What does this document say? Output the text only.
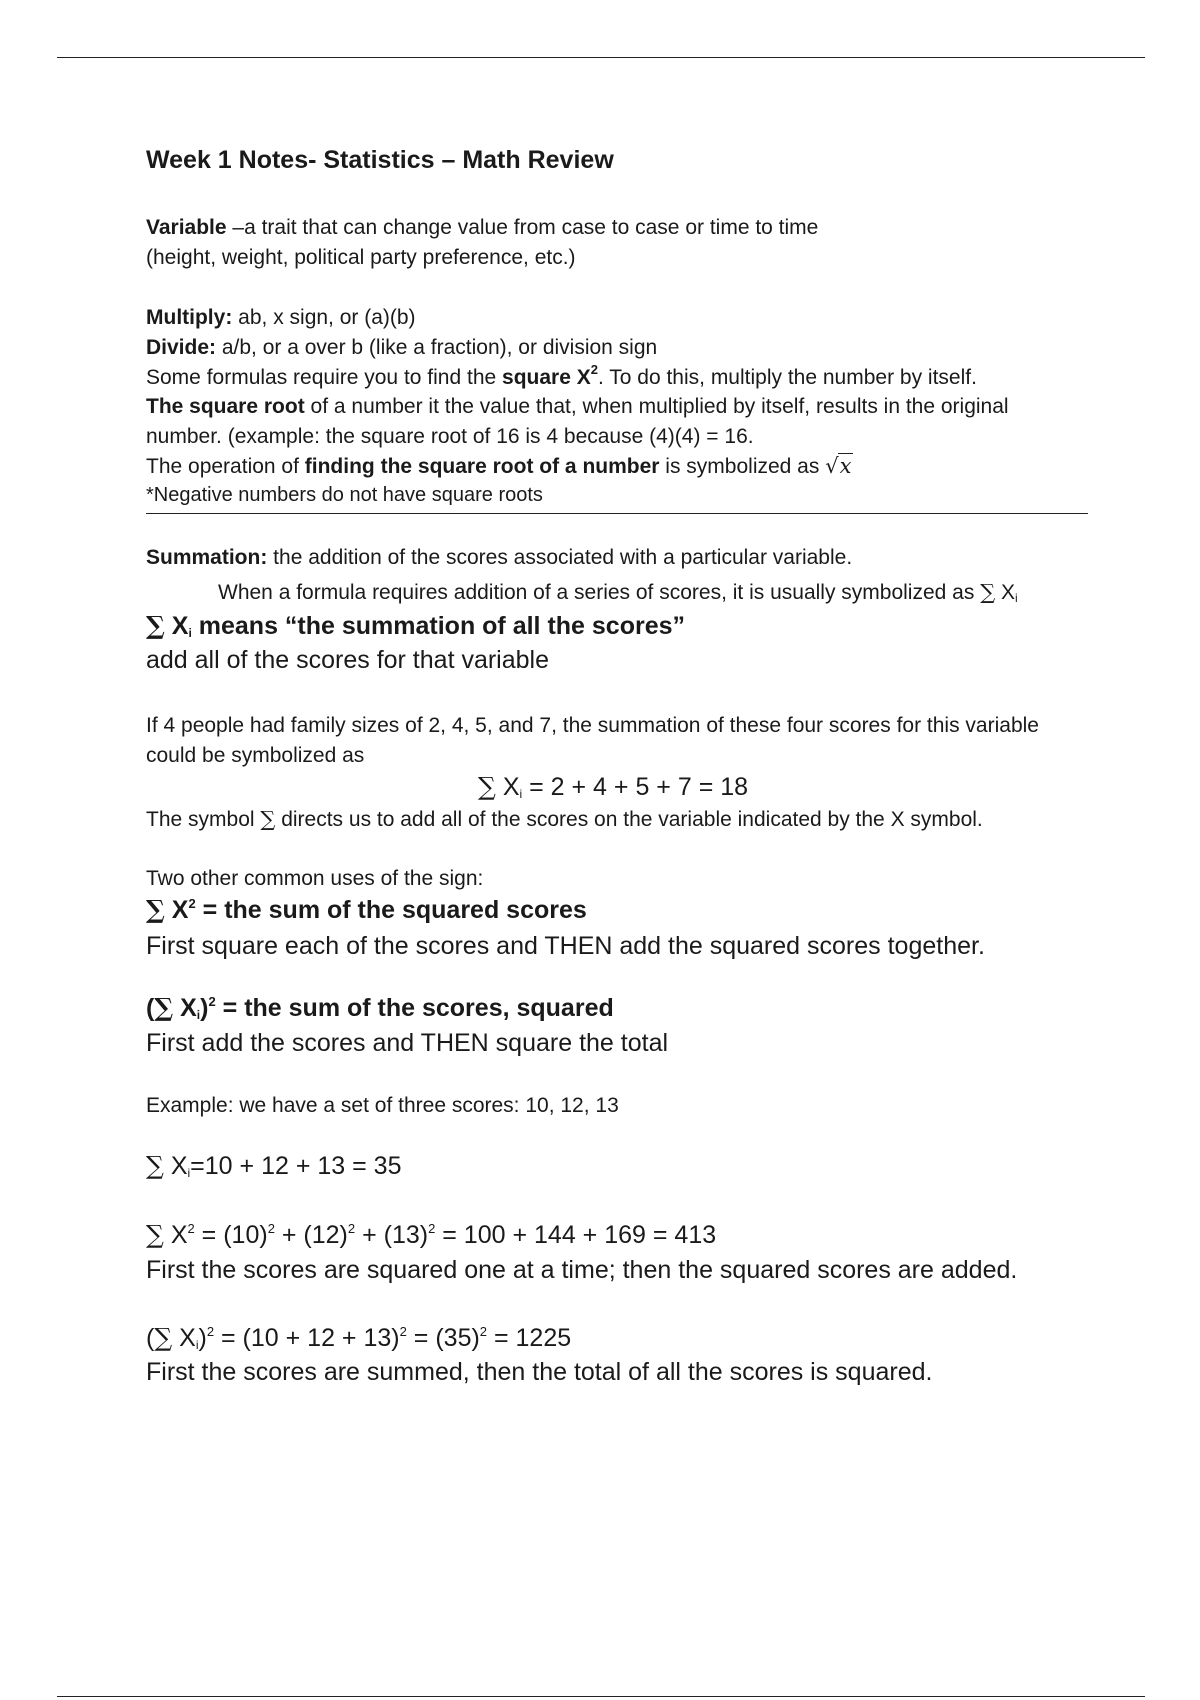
Week 1 Notes- Statistics – Math Review
Variable –a trait that can change value from case to case or time to time
(height, weight, political party preference, etc.)
Multiply: ab, x sign, or (a)(b)
Divide: a/b, or a over b (like a fraction), or division sign
Some formulas require you to find the square $X^2$. To do this, multiply the number by itself.
The square root of a number it the value that, when multiplied by itself, results in the original
number. (example: the square root of 16 is 4 because (4)(4) = 16.
The operation of finding the square root of a number is symbolized as √x
*Negative numbers do not have square roots
Summation: the addition of the scores associated with a particular variable.
When a formula requires addition of a series of scores, it is usually symbolized as ∑ $X_i$
∑ $X_i$ means “the summation of all the scores”
add all of the scores for that variable
If 4 people had family sizes of 2, 4, 5, and 7, the summation of these four scores for this variable
could be symbolized as
∑ $X_i = 2 + 4 + 5 + 7 = 18$
The symbol ∑ directs us to add all of the scores on the variable indicated by the X symbol.
Two other common uses of the sign:
∑ $X^2$ = the sum of the squared scores
First square each of the scores and THEN add the squared scores together.
(∑ $X_i)^2$ = the sum of the scores, squared
First add the scores and THEN square the total
Example: we have a set of three scores: 10, 12, 13
∑ $X_i=10 + 12 + 13 = 35$
∑ $X^2 = (10)^2 + (12)^2 + (13)^2 = 100 + 144 + 169 = 413$
First the scores are squared one at a time; then the squared scores are added.
(∑ $X_i)^2 = (10 + 12 + 13)^2 = (35)^2 = 1225$
First the scores are summed, then the total of all the scores is squared.
